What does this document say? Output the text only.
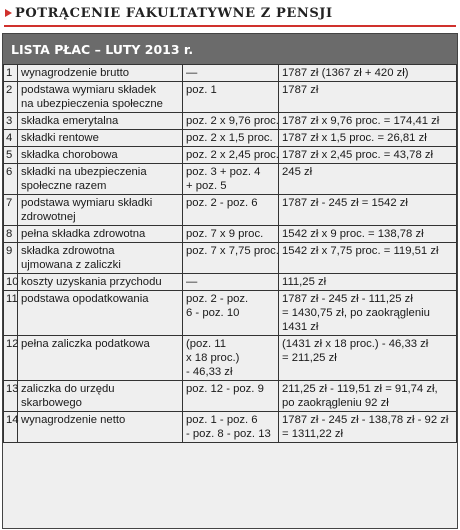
POTRĄCENIE FAKULTATYWNE Z PENSJI
LISTA PŁAC – LUTY 2013 r.
1	wynagrodzenie brutto	—	1787 zł (1367 zł + 420 zł)

2	podstawa wymiaru składek
na ubezpieczenia społeczne	poz. 1	1787 zł

3	składka emerytalna	poz. 2 x 9,76 proc.	1787 zł x 9,76 proc. = 174,41 zł

4	składki rentowe	poz. 2 x 1,5 proc.	1787 zł x 1,5 proc. = 26,81 zł

5	składka chorobowa	poz. 2 x 2,45 proc.	1787 zł x 2,45 proc. = 43,78 zł

6	składki na ubezpieczenia
społeczne razem	poz. 3 + poz. 4
+ poz. 5	245 zł

7	podstawa wymiaru składki
zdrowotnej	poz. 2 - poz. 6	1787 zł - 245 zł = 1542 zł

8	pełna składka zdrowotna	poz. 7 x 9 proc.	1542 zł x 9 proc. = 138,78 zł

9	składka zdrowotna
ujmowana z zaliczki	poz. 7 x 7,75 proc.	1542 zł x 7,75 proc. = 119,51 zł

10	koszty uzyskania przychodu	—	111,25 zł

11	podstawa opodatkowania	poz. 2 - poz.
6 - poz. 10	1787 zł - 245 zł - 111,25 zł
= 1430,75 zł, po zaokrągleniu
1431 zł

12	pełna zaliczka podatkowa	(poz. 11
x 18 proc.)
- 46,33 zł	(1431 zł x 18 proc.) - 46,33 zł
= 211,25 zł

13	zaliczka do urzędu
skarbowego	poz. 12 - poz. 9	211,25 zł - 119,51 zł = 91,74 zł,
po zaokrągleniu 92 zł

14	wynagrodzenie netto	poz. 1 - poz. 6
- poz. 8 - poz. 13	1787 zł - 245 zł - 138,78 zł - 92 zł
= 1311,22 zł
